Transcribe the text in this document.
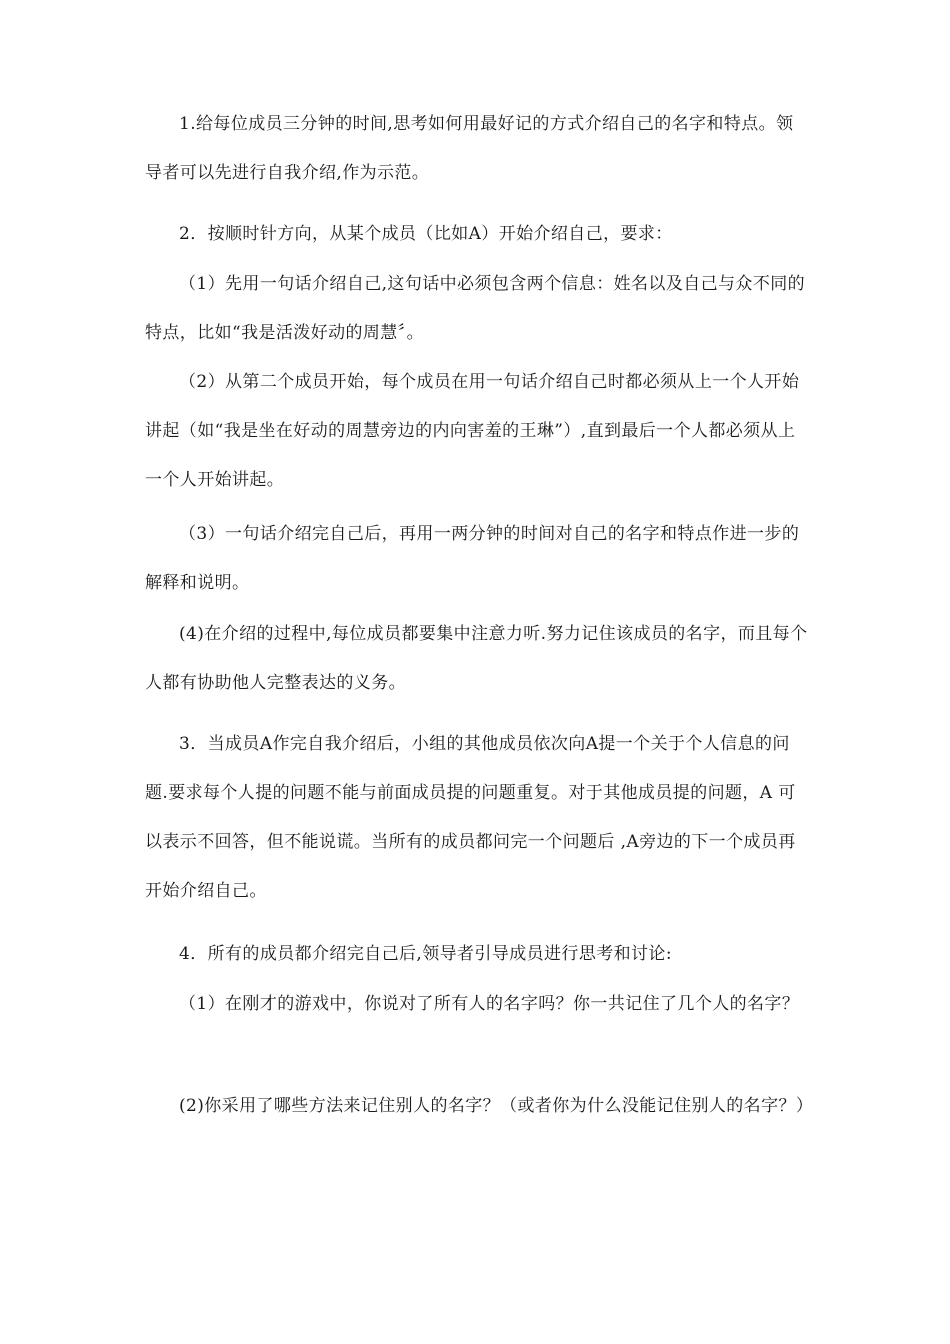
1.给每位成员三分钟的时间,思考如何用最好记的方式介绍自己的名字和特点。领导者可以先进行自我介绍,作为示范。

2．按顺时针方向，从某个成员（比如A）开始介绍自己，要求：

（1）先用一句话介绍自己,这句话中必须包含两个信息：姓名以及自己与众不同的特点，比如“我是活泼好动的周慧〞。

（2）从第二个成员开始，每个成员在用一句话介绍自己时都必须从上一个人开始讲起（如“我是坐在好动的周慧旁边的内向害羞的王琳”）,直到最后一个人都必须从上一个人开始讲起。

（3）一句话介绍完自己后，再用一两分钟的时间对自己的名字和特点作进一步的解释和说明。

(4)在介绍的过程中,每位成员都要集中注意力听.努力记住该成员的名字，而且每个人都有协助他人完整表达的义务。

3．当成员A作完自我介绍后，小组的其他成员依次向A提一个关于个人信息的问题.要求每个人提的问题不能与前面成员提的问题重复。对于其他成员提的问题，A 可以表示不回答，但不能说谎。当所有的成员都问完一个问题后 ,A旁边的下一个成员再开始介绍自己。

4．所有的成员都介绍完自己后,领导者引导成员进行思考和讨论:

（1）在刚才的游戏中，你说对了所有人的名字吗？你一共记住了几个人的名字？

(2)你采用了哪些方法来记住别人的名字？（或者你为什么没能记住别人的名字？）
